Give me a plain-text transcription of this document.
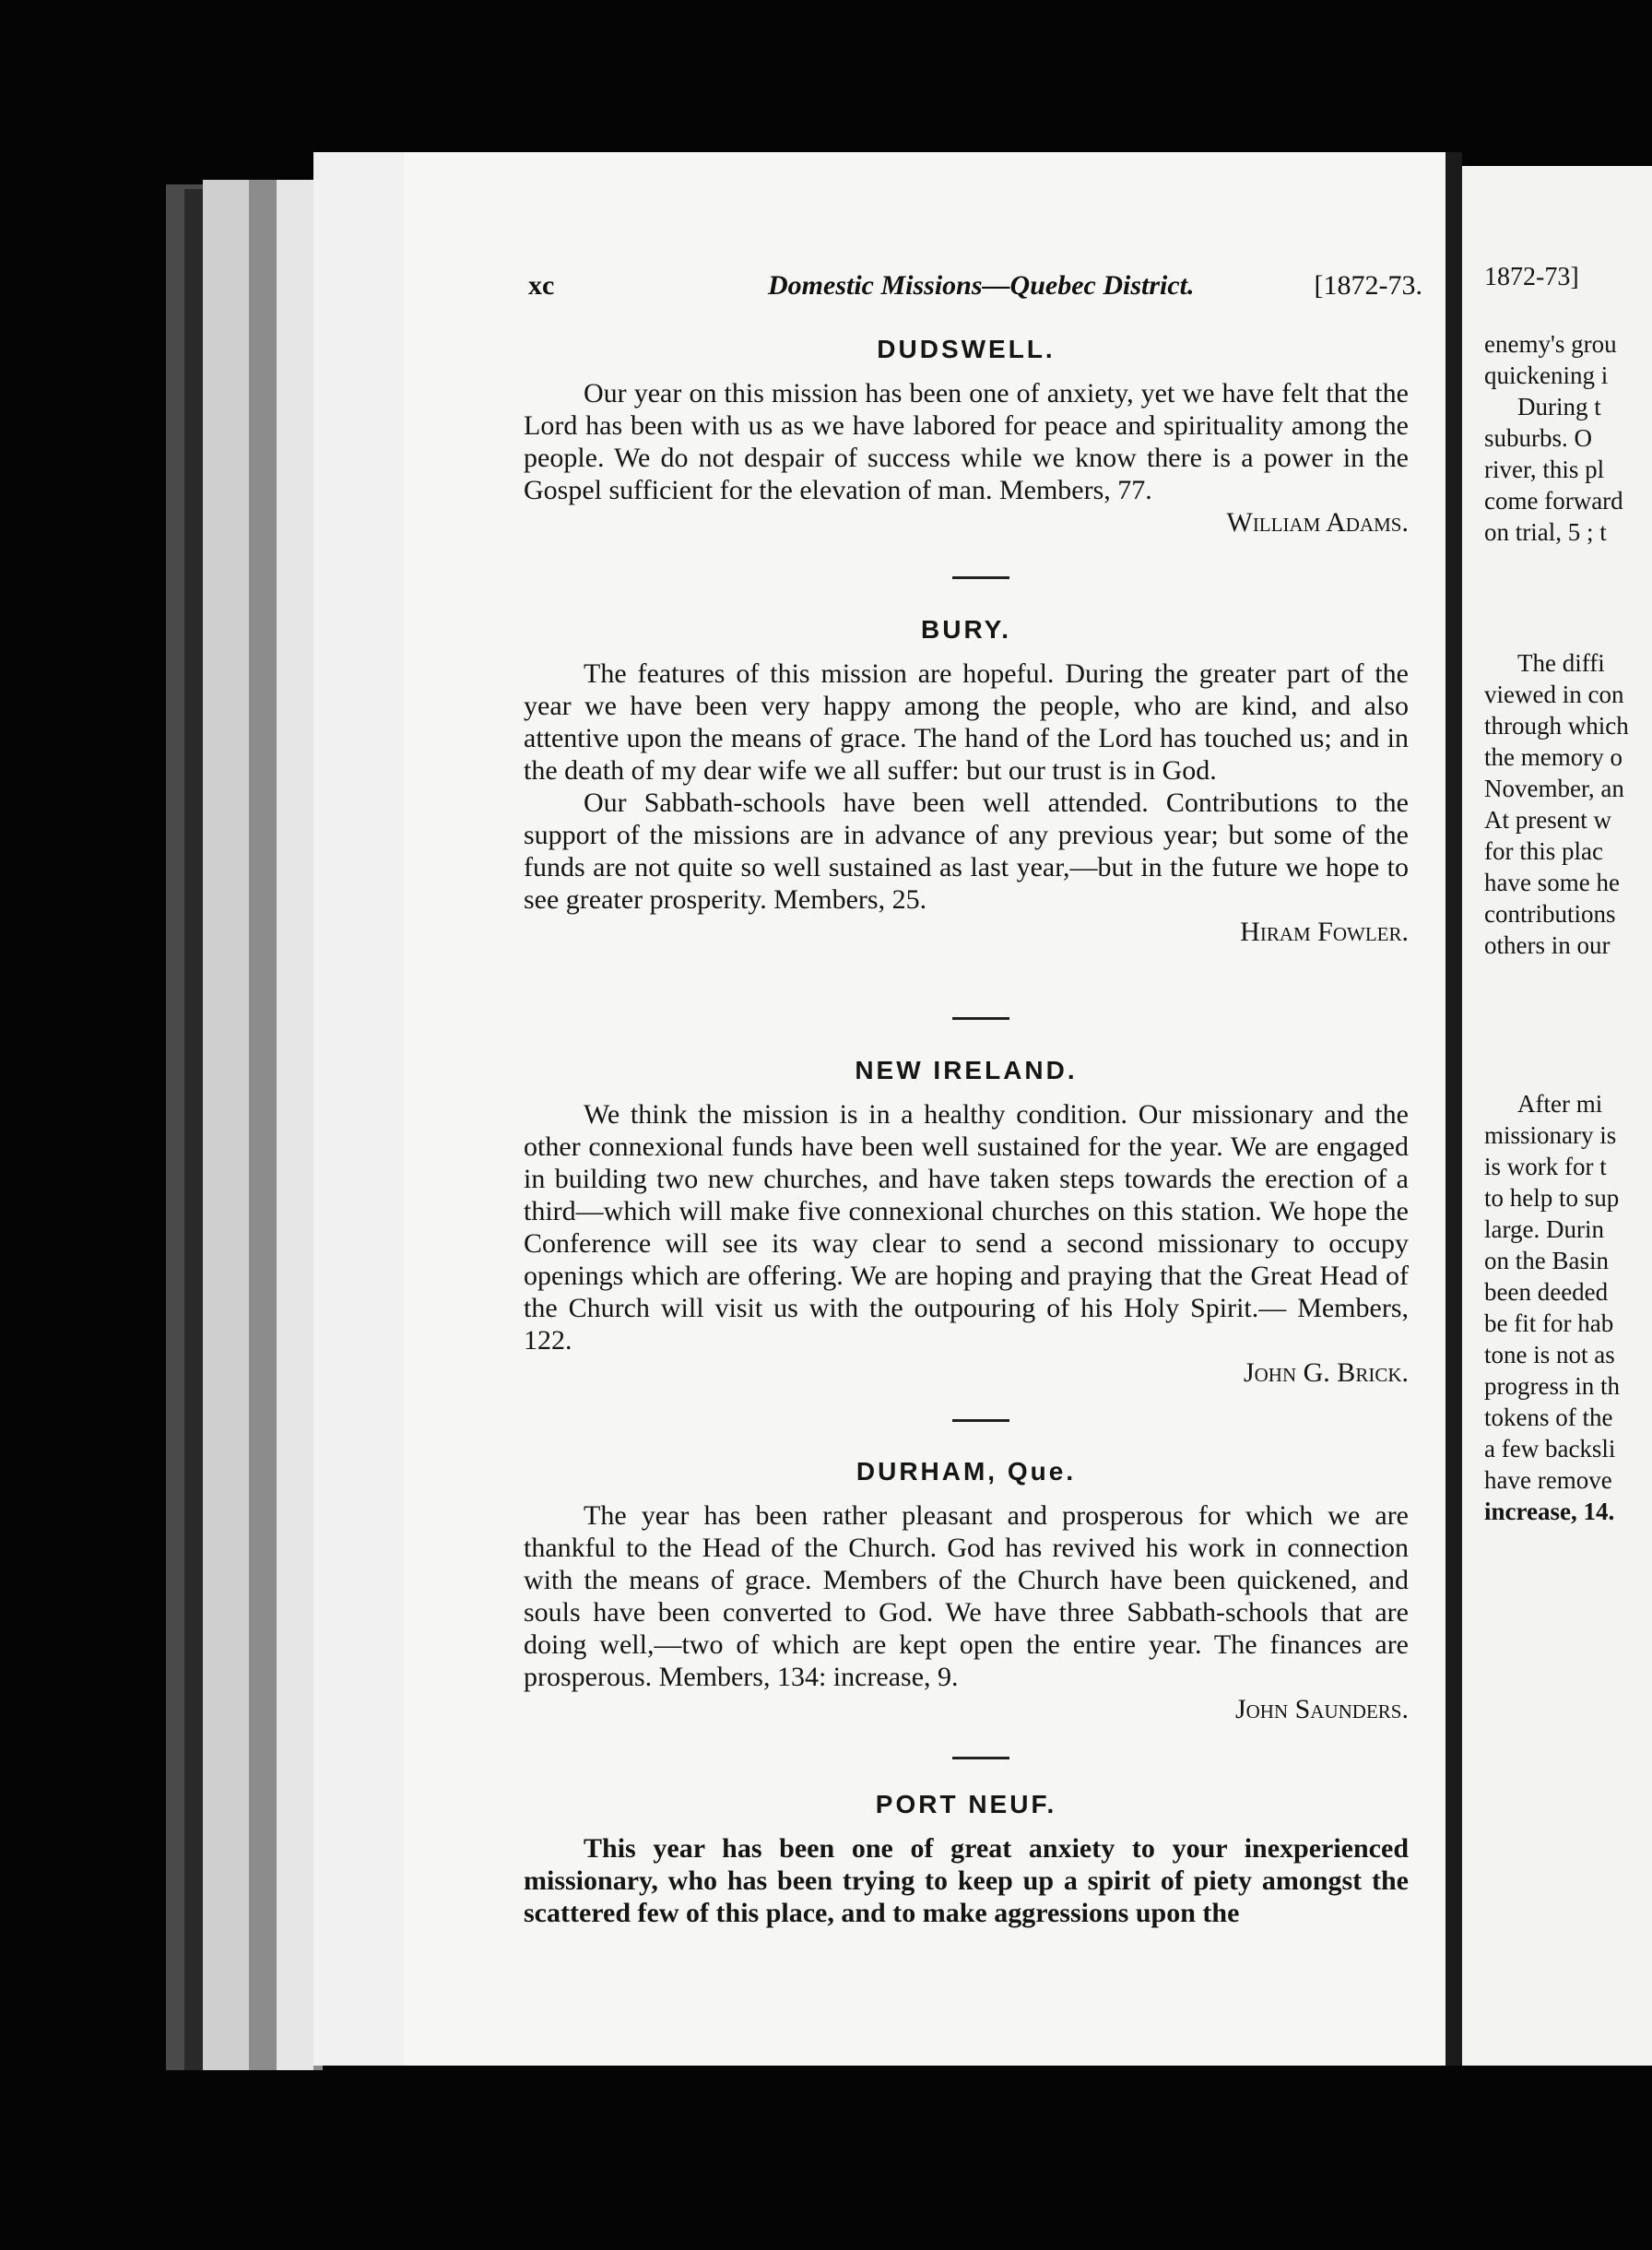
xc	Domestic Missions—Quebec District.	[1872-73.
DUDSWELL.

Our year on this mission has been one of anxiety, yet we have felt that the Lord has been with us as we have labored for peace and spirituality among the people. We do not despair of success while we know there is a power in the Gospel sufficient for the elevation of man. Members, 77.

William Adams.

BURY.

The features of this mission are hopeful. During the greater part of the year we have been very happy among the people, who are kind, and also attentive upon the means of grace. The hand of the Lord has touched us; and in the death of my dear wife we all suffer: but our trust is in God.

Our Sabbath-schools have been well attended. Contributions to the support of the missions are in advance of any previous year; but some of the funds are not quite so well sustained as last year,—but in the future we hope to see greater prosperity. Members, 25.

Hiram Fowler.

NEW IRELAND.

We think the mission is in a healthy condition. Our missionary and the other connexional funds have been well sustained for the year. We are engaged in building two new churches, and have taken steps towards the erection of a third—which will make five connexional churches on this station. We hope the Conference will see its way clear to send a second missionary to occupy openings which are offering. We are hoping and praying that the Great Head of the Church will visit us with the outpouring of his Holy Spirit.— Members, 122.

John G. Brick.

DURHAM, Que.

The year has been rather pleasant and prosperous for which we are thankful to the Head of the Church. God has revived his work in connection with the means of grace. Members of the Church have been quickened, and souls have been converted to God. We have three Sabbath-schools that are doing well,—two of which are kept open the entire year. The finances are prosperous. Members, 134: increase, 9.

John Saunders.

PORT NEUF.

This year has been one of great anxiety to your inexperienced missionary, who has been trying to keep up a spirit of piety amongst the scattered few of this place, and to make aggressions upon the

1872-73]
enemy's grou
quickening i
During t
suburbs. O
river, this pl
come forward
on trial, 5 ; t
The diffi
viewed in con
through which
the memory o
November, an
At present w
for this plac
have some he
contributions
others in our
After mi
missionary is
is work for t
to help to sup
large. Durin
on the Basin
been deeded
be fit for hab
tone is not as
progress in th
tokens of the
a few backsli
have remove
increase, 14.
